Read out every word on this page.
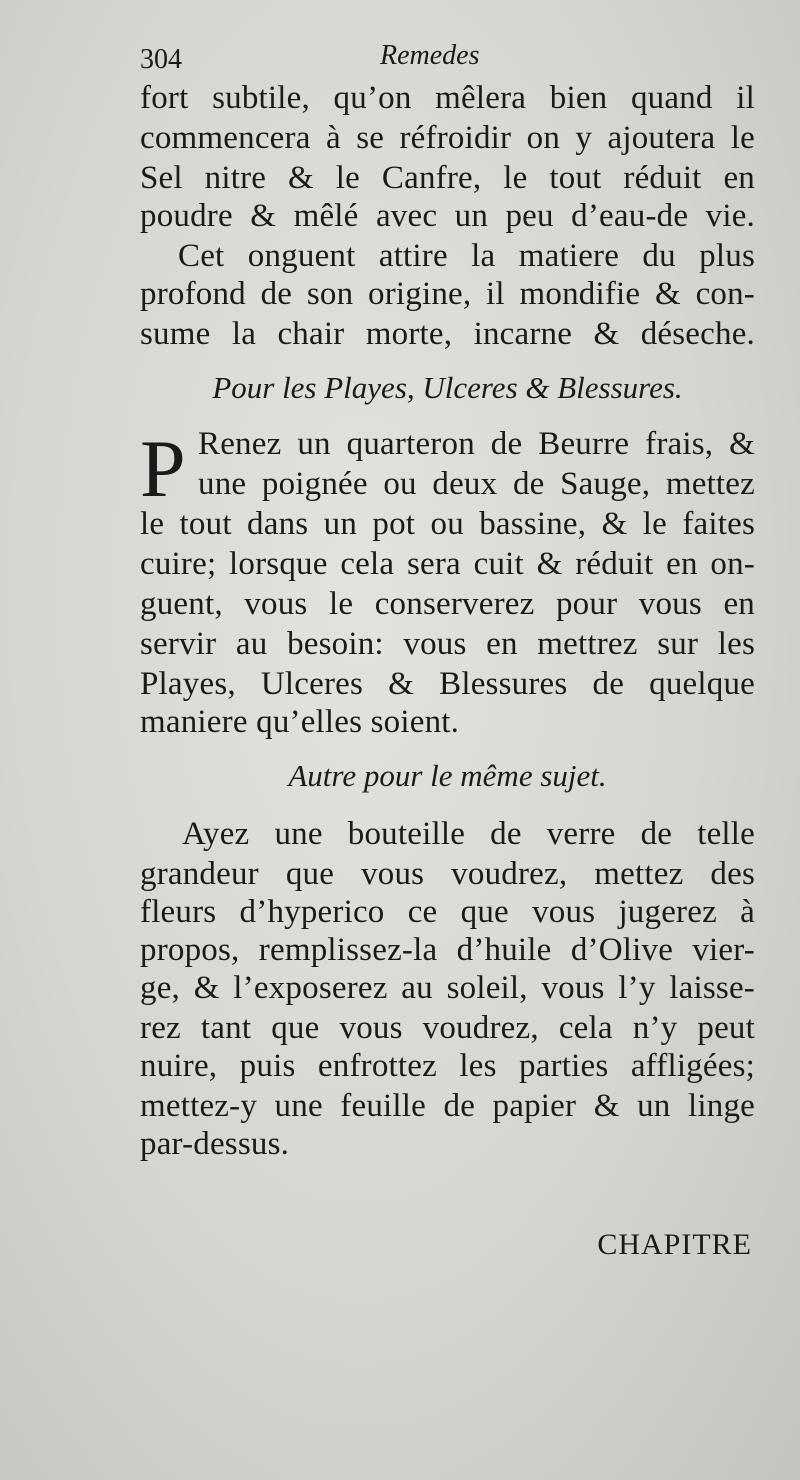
304	Remedes
fort subtile, qu’on mêlera bien quand il
commencera à se réfroidir on y ajoutera le
Sel nitre & le Canfre, le tout réduit en
poudre & mêlé avec un peu d’eau-de vie.
Cet onguent attire la matiere du plus
profond de son origine, il mondifie & con-
sume la chair morte, incarne & déseche.
Pour les Playes, Ulceres & Blessures.
P Renez un quarteron de Beurre frais, &
une poignée ou deux de Sauge, mettez
le tout dans un pot ou bassine, & le faites
cuire; lorsque cela sera cuit & réduit en on-
guent, vous le conserverez pour vous en
servir au besoin: vous en mettrez sur les
Playes, Ulceres & Blessures de quelque
maniere qu’elles soient.
Autre pour le même sujet.
Ayez une bouteille de verre de telle
grandeur que vous voudrez, mettez des
fleurs d’hyperico ce que vous jugerez à
propos, remplissez-la d’huile d’Olive vier-
ge, & l’exposerez au soleil, vous l’y laisse-
rez tant que vous voudrez, cela n’y peut
nuire, puis enfrottez les parties affligées;
mettez-y une feuille de papier & un linge
par-dessus.
CHAPITRE
